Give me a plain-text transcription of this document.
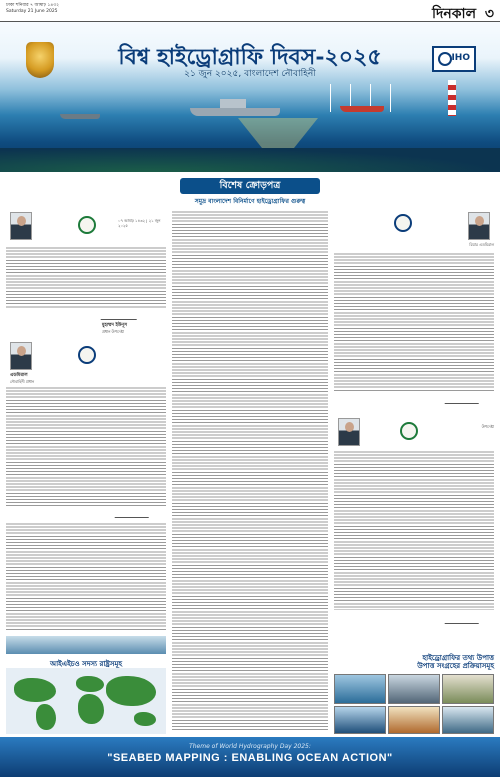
ঢাকা শনিবার ৭ আষাঢ় ১৪৩২
Saturday 21 June 2025	দিনকাল ৩
বিশ্ব হাইড্রোগ্রাফি দিবস-২০২৫
২১ জুন ২০২৫, বাংলাদেশ নৌবাহিনী
IHO
বিশেষ ক্রোড়পত্র
সমুদ্র বাংলাদেশ বিনির্মাণে হাইড্রোগ্রাফির গুরুত্ব
০৭ আষাঢ় ১৪৩২ | ২১ জুন ২০২৫
মুহাম্মদ ইউনূস
প্রধান উপদেষ্টা
এডমিরাল
নৌবাহিনী প্রধান
আইএইচও সদস্য রাষ্ট্রসমূহ
রিয়ার এডমিরাল
উপদেষ্টা
হাইড্রোগ্রাফির তথ্য উপাত্ত
উপাত্ত সংগ্রহের প্রক্রিয়াসমূহ
Theme of World Hydrography Day 2025:
"SEABED MAPPING : ENABLING OCEAN ACTION"
